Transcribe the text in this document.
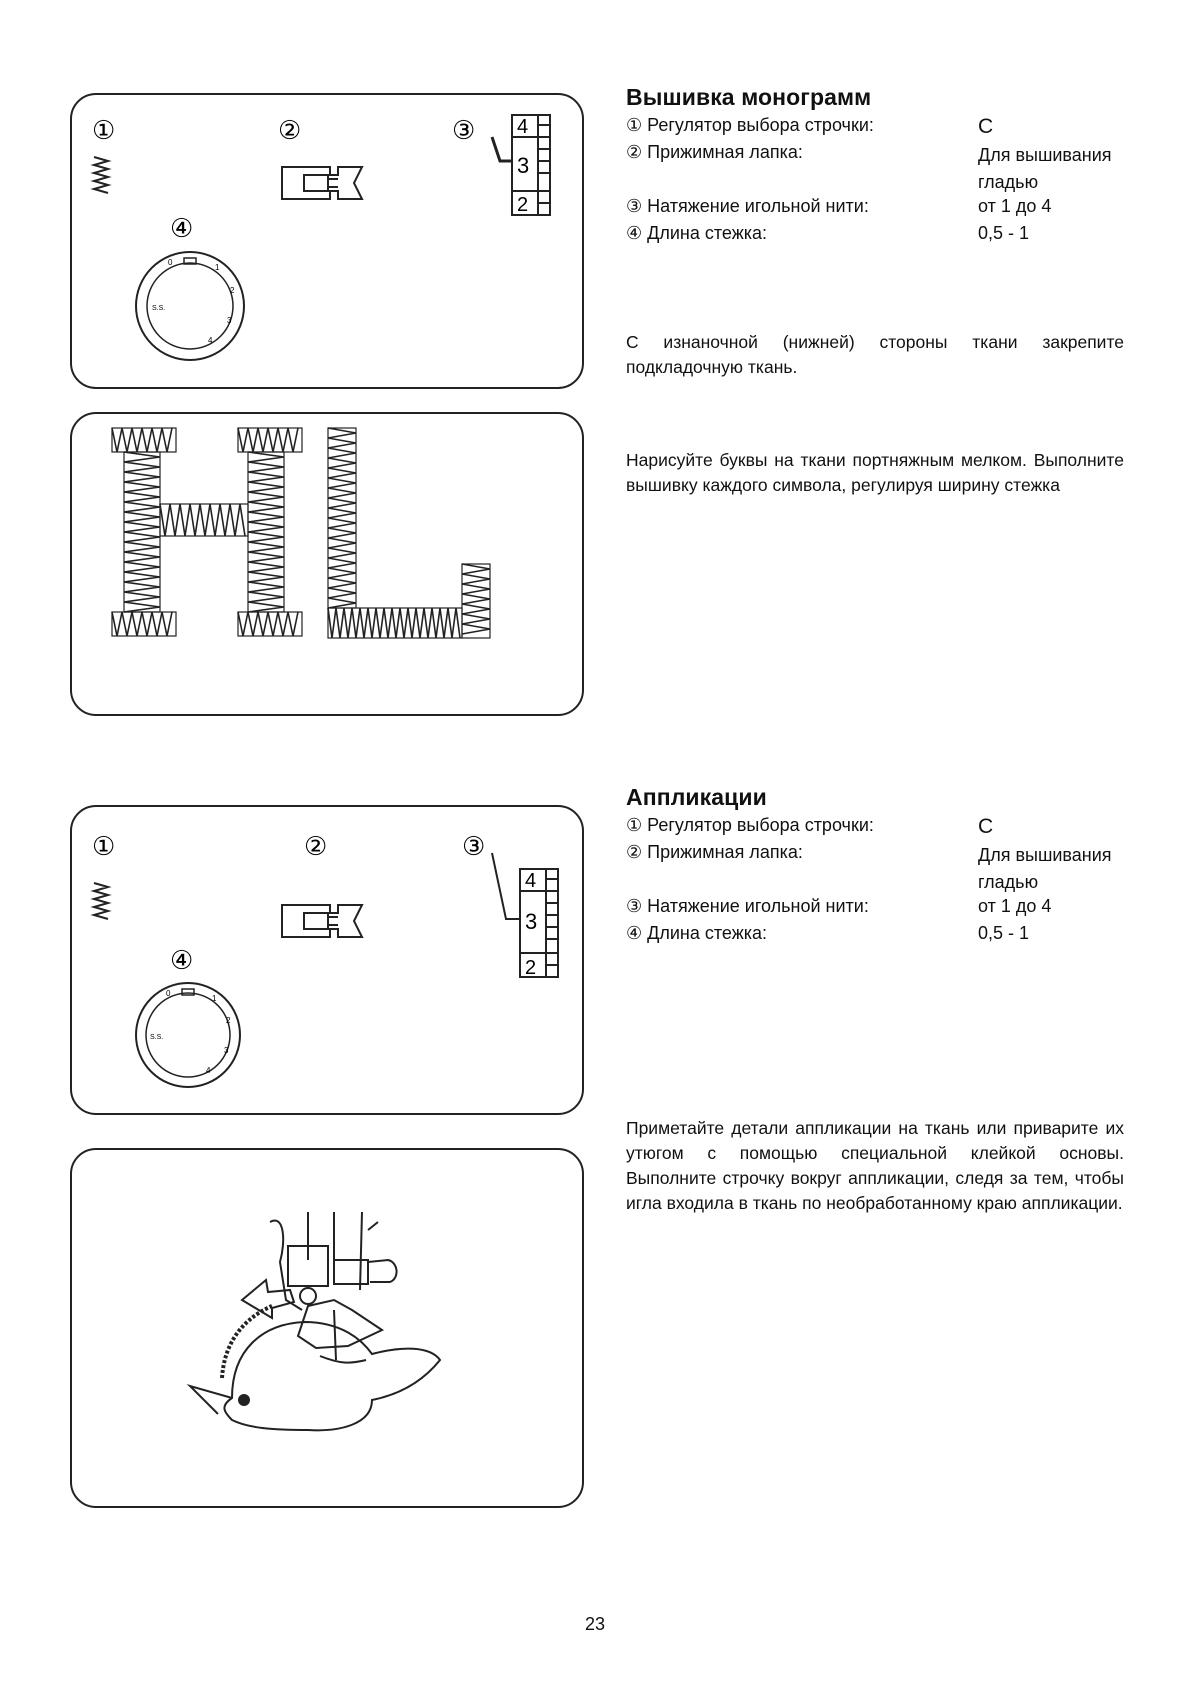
①	②	③
④
4
3
2
0
1
2
3
4
S.S.
①	②	③
④
4
3
2
0
1
2
3
4
S.S.
Вышивка монограмм
① Регулятор выбора строчки:	C
② Прижимная лапка:	Для вышивания гладью
③ Натяжение игольной нити:	от 1 до 4
④ Длина стежка:	0,5 - 1
С изнаночной (нижней) стороны ткани закрепите подкладочную ткань.
Нарисуйте буквы на ткани портняжным мелком. Выполните вышивку каждого символа, регулируя ширину стежка
Аппликации
① Регулятор выбора строчки:	C
② Прижимная лапка:	Для вышивания гладью
③ Натяжение игольной нити:	от 1 до 4
④ Длина стежка:	0,5 - 1
Приметайте детали аппликации на ткань или приварите их утюгом с помощью специальной клейкой основы. Выполните строчку вокруг аппликации, следя за тем, чтобы игла входила в ткань по необработанному краю аппликации.
23
